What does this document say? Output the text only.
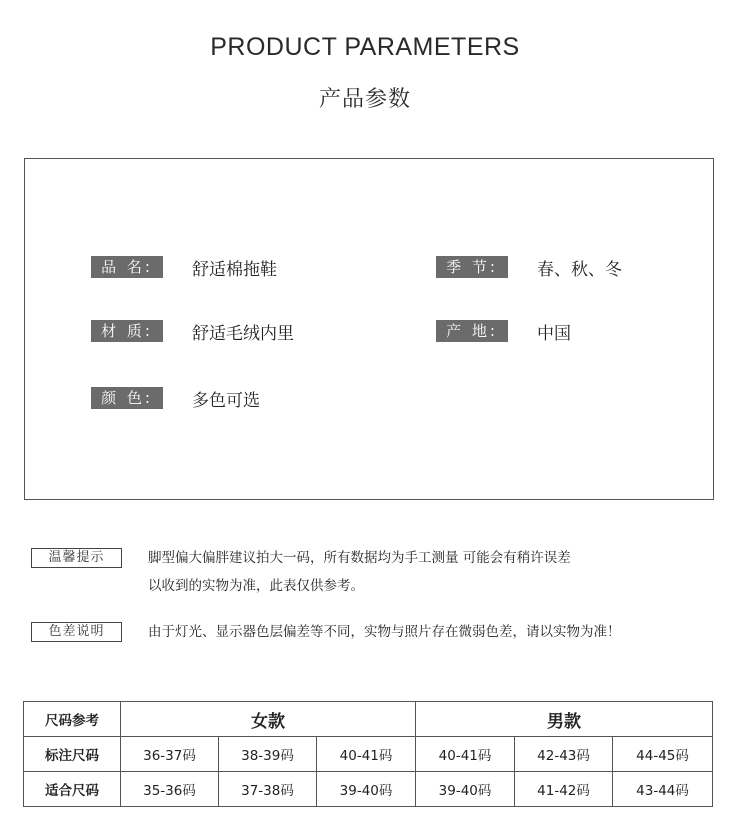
PRODUCT PARAMETERS
产品参数
品 名:	舒适棉拖鞋	季 节:	春、秋、冬
材 质:	舒适毛绒内里	产 地:	中国
颜 色:	多色可选
温馨提示	脚型偏大偏胖建议拍大一码，所有数据均为手工测量 可能会有稍许误差
以收到的实物为准，此表仅供参考。
色差说明	由于灯光、显示器色层偏差等不同，实物与照片存在微弱色差，请以实物为准！
尺码参考	女款			男款		
标注尺码	36-37码	38-39码	40-41码	40-41码	42-43码	44-45码
适合尺码	35-36码	37-38码	39-40码	39-40码	41-42码	43-44码
